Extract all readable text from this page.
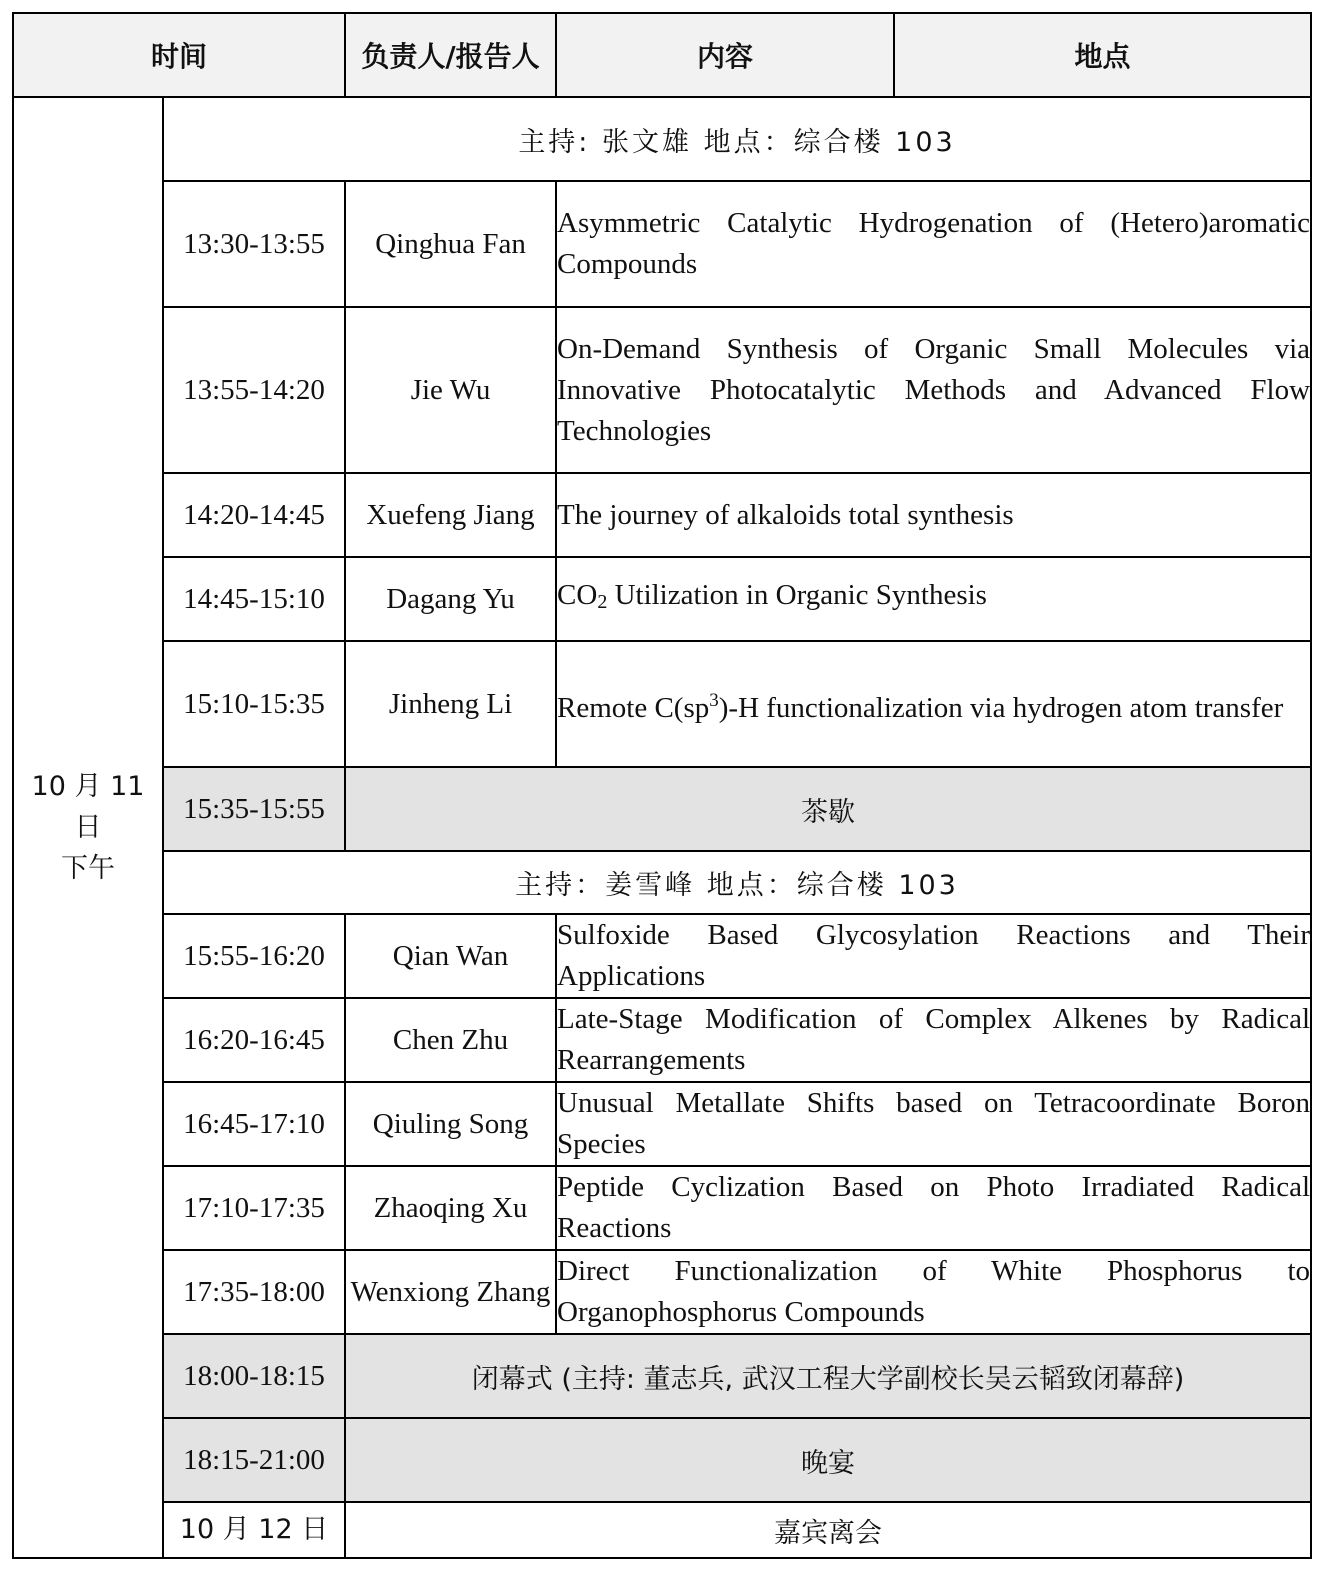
时间		负责人/报告人	内容	地点
10 月 11 日
下午	主持: 张文雄 地点：综合楼 103			
	13:30-13:55	Qinghua Fan	Asymmetric Catalytic Hydrogenation of (Hetero)aromatic Compounds	
	13:55-14:20	Jie Wu	On-Demand Synthesis of Organic Small Molecules via Innovative Photocatalytic Methods and Advanced Flow Technologies	
	14:20-14:45	Xuefeng Jiang	The journey of alkaloids total synthesis	
	14:45-15:10	Dagang Yu	CO2 Utilization in Organic Synthesis	
	15:10-15:35	Jinheng Li	Remote $C(sp^3)-H$ functionalization via hydrogen atom transfer	
	15:35-15:55	茶歇		
	主持：姜雪峰 地点：综合楼 103			
	15:55-16:20	Qian Wan	Sulfoxide Based Glycosylation Reactions and Their Applications	
	16:20-16:45	Chen Zhu	Late-Stage Modification of Complex Alkenes by Radical Rearrangements	
	16:45-17:10	Qiuling Song	Unusual Metallate Shifts based on Tetracoordinate Boron Species	
	17:10-17:35	Zhaoqing Xu	Peptide Cyclization Based on Photo Irradiated Radical Reactions	
	17:35-18:00	Wenxiong Zhang	Direct Functionalization of White Phosphorus to Organophosphorus Compounds	
	18:00-18:15	闭幕式 (主持: 董志兵, 武汉工程大学副校长吴云韬致闭幕辞)		
	18:15-21:00	晚宴		
	10 月 12 日	嘉宾离会		
